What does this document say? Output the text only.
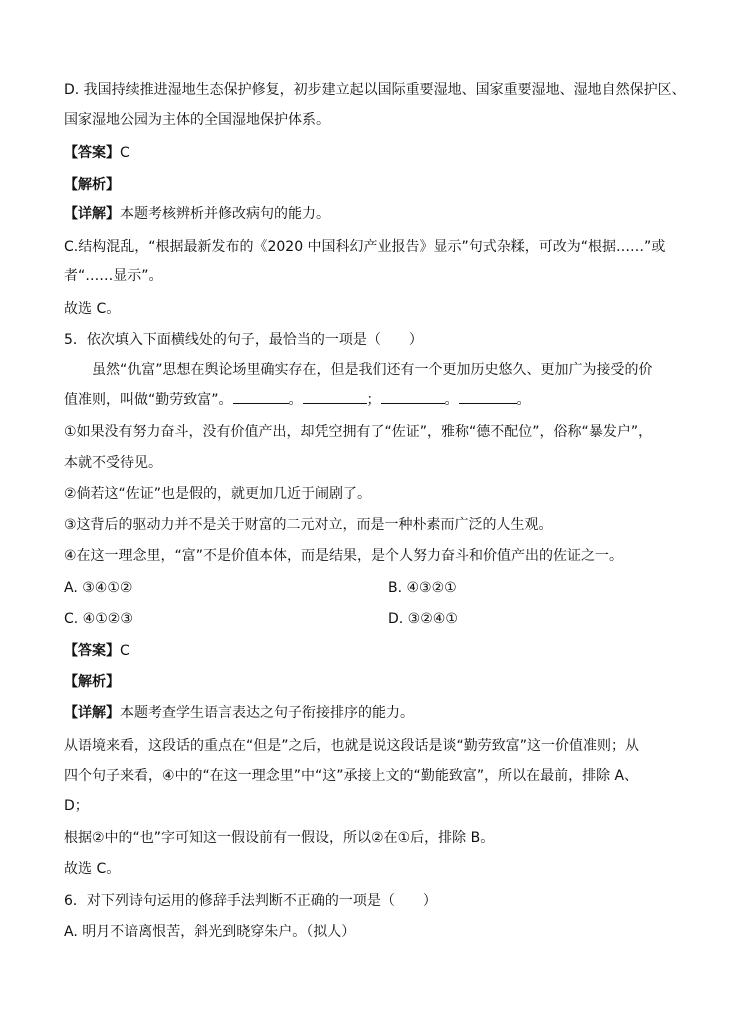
D. 我国持续推进湿地生态保护修复，初步建立起以国际重要湿地、国家重要湿地、湿地自然保护区、
国家湿地公园为主体的全国湿地保护体系。
【答案】C
【解析】
【详解】本题考核辨析并修改病句的能力。
C.结构混乱，“根据最新发布的《2020 中国科幻产业报告》显示”句式杂糅，可改为“根据……”或
者“……显示”。
故选 C。
5．依次填入下面横线处的句子，最恰当的一项是（　　）
虽然“仇富”思想在舆论场里确实存在，但是我们还有一个更加历史悠久、更加广为接受的价
值准则，叫做“勤劳致富”。	。	；	。	。
①如果没有努力奋斗，没有价值产出，却凭空拥有了“佐证”，雅称“德不配位”，俗称“暴发户”，
本就不受待见。
②倘若这“佐证”也是假的，就更加几近于闹剧了。
③这背后的驱动力并不是关于财富的二元对立，而是一种朴素而广泛的人生观。
④在这一理念里，“富”不是价值本体，而是结果，是个人努力奋斗和价值产出的佐证之一。
A. ③④①②	B. ④③②①
C. ④①②③	D. ③②④①
【答案】C
【解析】
【详解】本题考查学生语言表达之句子衔接排序的能力。
从语境来看，这段话的重点在“但是”之后，也就是说这段话是谈“勤劳致富”这一价值准则；从
四个句子来看，④中的“在这一理念里”中“这”承接上文的“勤能致富”，所以在最前，排除 A、
D；
根据②中的“也”字可知这一假设前有一假设，所以②在①后，排除 B。
故选 C。
6．对下列诗句运用的修辞手法判断不正确的一项是（　　）
A. 明月不谙离恨苦，斜光到晓穿朱户。（拟人）
